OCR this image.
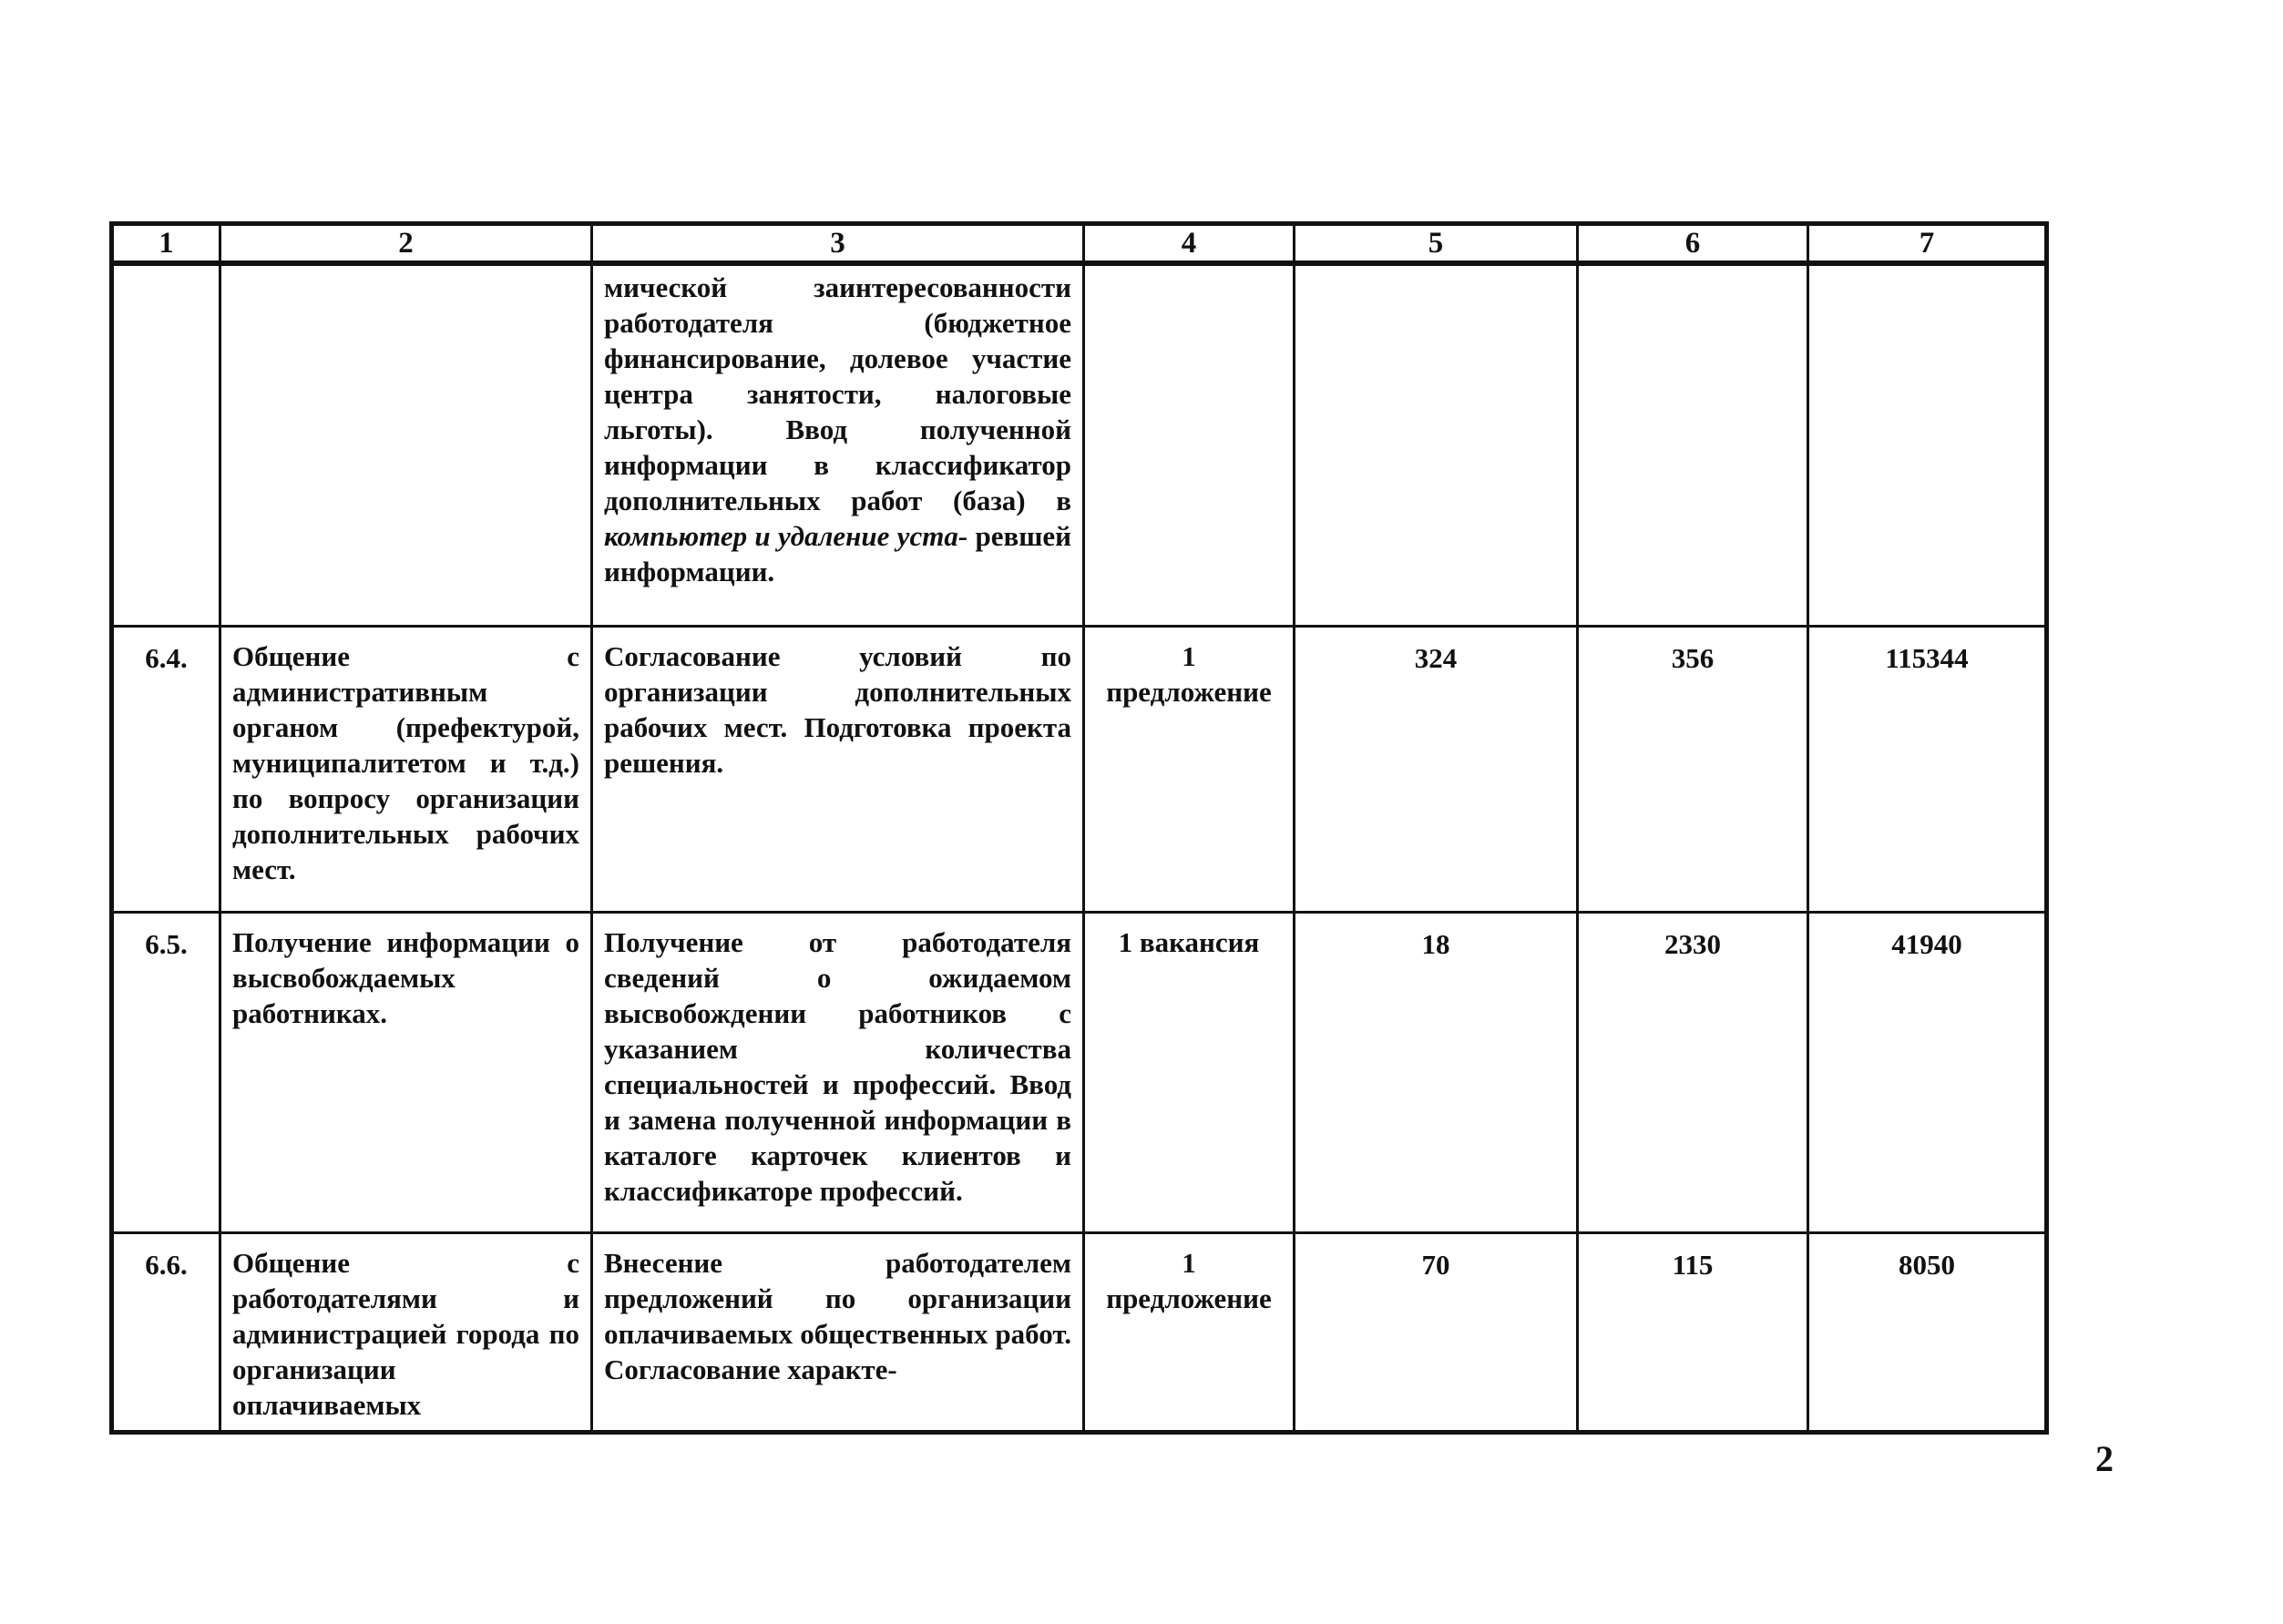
1	2	3	4	5	6	7
		мической заинтересованности работодателя (бюджетное финансирование, долевое участие центра занятости, налоговые льготы). Ввод полученной информации в классификатор дополнительных работ (база) в компьютер и удаление уста- ревшей информации.				
6.4.	Общение с административным органом (префектурой, муниципалитетом и т.д.) по вопросу организации дополнительных рабочих мест.	Согласование условий по организации дополнительных рабочих мест. Подготовка проекта решения.	1 предложение	324	356	115344
6.5.	Получение информации о высвобождаемых работниках.	Получение от работодателя сведений о ожидаемом высвобождении работников с указанием количества специальностей и профессий. Ввод и замена полученной информации в каталоге карточек клиентов и классификаторе профессий.	1 вакансия	18	2330	41940
6.6.	Общение с работодателями и администрацией города по организации оплачиваемых	Внесение работодателем предложений по организации оплачиваемых общественных работ. Согласование характе-	1 предложение	70	115	8050
2
